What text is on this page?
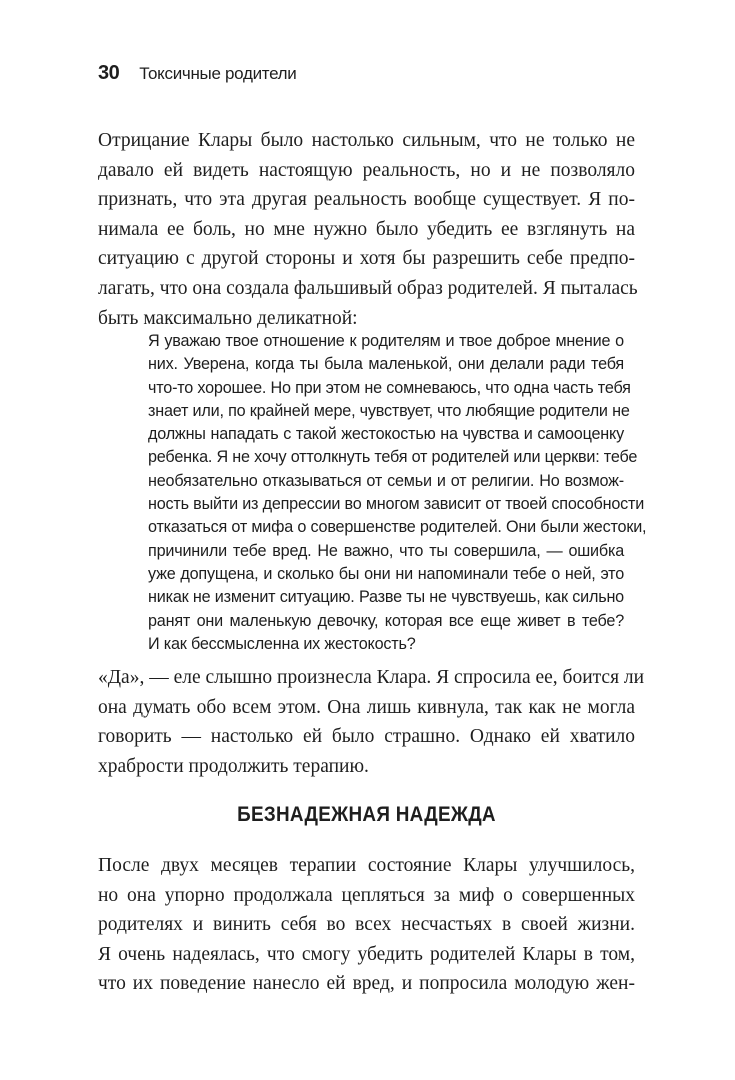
30 Токсичные родители

Отрицание Клары было настолько сильным, что не только не
давало ей видеть настоящую реальность, но и не позволяло
признать, что эта другая реальность вообще существует. Я по-
нимала ее боль, но мне нужно было убедить ее взглянуть на
ситуацию с другой стороны и хотя бы разрешить себе предпо-
лагать, что она создала фальшивый образ родителей. Я пыталась
быть максимально деликатной:

Я уважаю твое отношение к родителям и твое доброе мнение о
них. Уверена, когда ты была маленькой, они делали ради тебя
что-то хорошее. Но при этом не сомневаюсь, что одна часть тебя
знает или, по крайней мере, чувствует, что любящие родители не
должны нападать с такой жестокостью на чувства и самооценку
ребенка. Я не хочу оттолкнуть тебя от родителей или церкви: тебе
необязательно отказываться от семьи и от религии. Но возмож-
ность выйти из депрессии во многом зависит от твоей способности
отказаться от мифа о совершенстве родителей. Они были жестоки,
причинили тебе вред. Не важно, что ты совершила, — ошибка
уже допущена, и сколько бы они ни напоминали тебе о ней, это
никак не изменит ситуацию. Разве ты не чувствуешь, как сильно
ранят они маленькую девочку, которая все еще живет в тебе?
И как бессмысленна их жестокость?

«Да», — еле слышно произнесла Клара. Я спросила ее, боится ли
она думать обо всем этом. Она лишь кивнула, так как не могла
говорить — настолько ей было страшно. Однако ей хватило
храбрости продолжить терапию.

БЕЗНАДЕЖНАЯ НАДЕЖДА

После двух месяцев терапии состояние Клары улучшилось,
но она упорно продолжала цепляться за миф о совершенных
родителях и винить себя во всех несчастьях в своей жизни.
Я очень надеялась, что смогу убедить родителей Клары в том,
что их поведение нанесло ей вред, и попросила молодую жен-
